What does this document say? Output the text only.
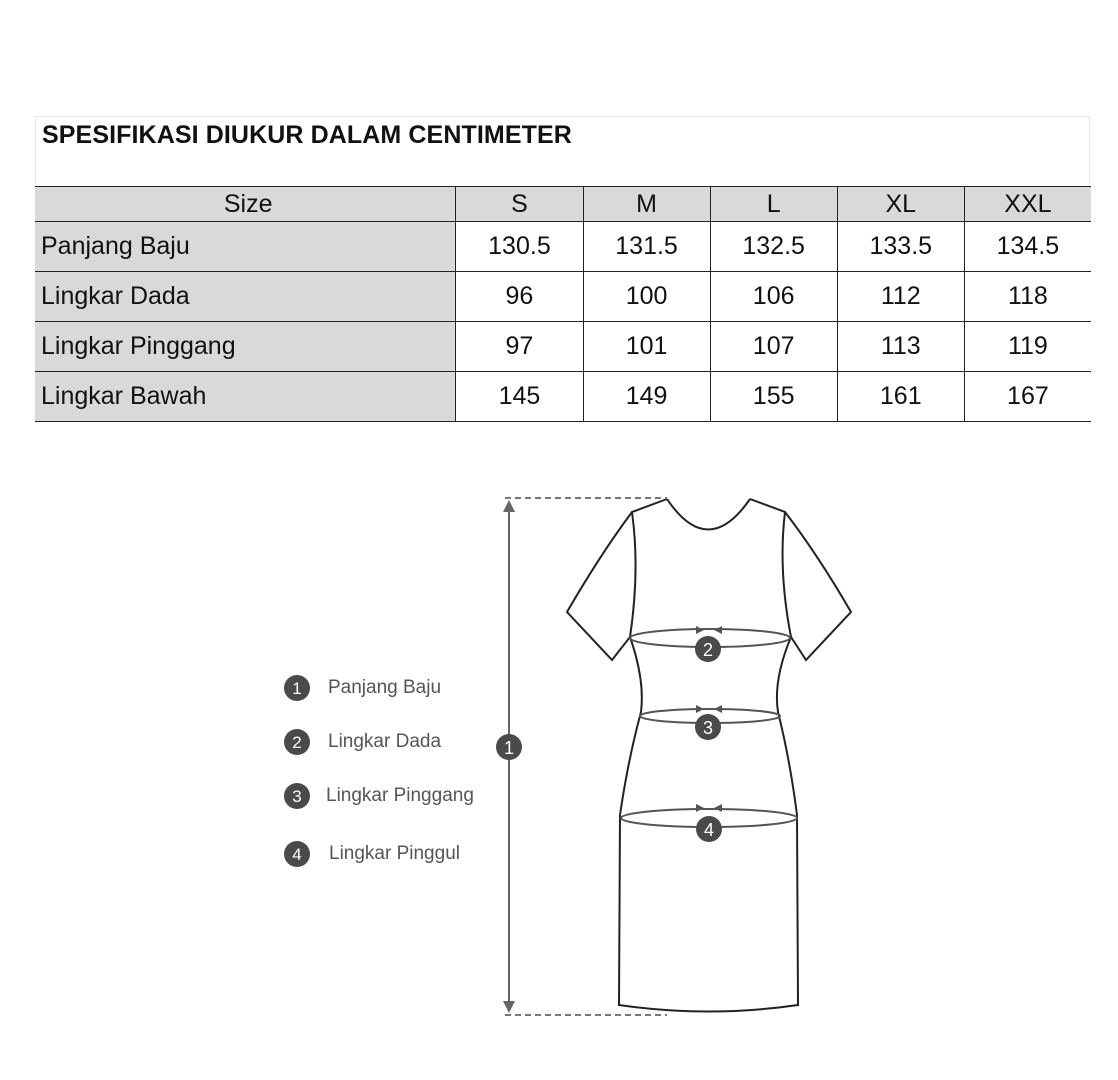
SPESIFIKASI DIUKUR DALAM CENTIMETER
Size	S	M	L	XL	XXL
Panjang Baju	130.5	131.5	132.5	133.5	134.5
Lingkar Dada	96	100	106	112	118
Lingkar Pinggang	97	101	107	113	119
Lingkar Bawah	145	149	155	161	167
1
2
3
4
1
2
3
4
Panjang Baju
Lingkar Dada
Lingkar Pinggang
Lingkar Pinggul
